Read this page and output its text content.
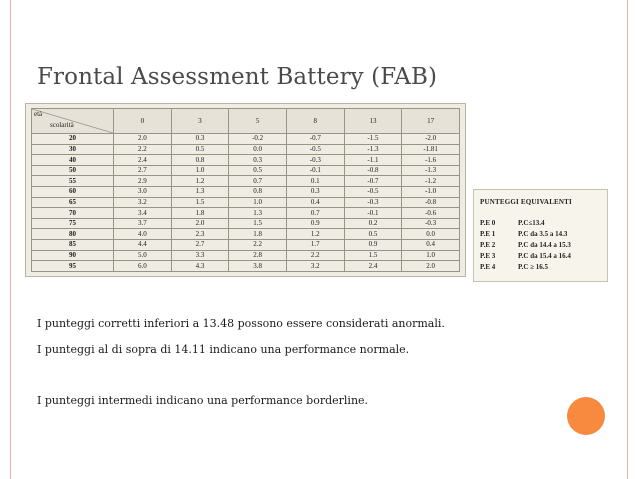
Frontal Assessment Battery (FAB)
età
scolarità	0	3	5	8	13	17
20	2.0	0.3	-0.2	-0.7	-1.5	-2.0
30	2.2	0.5	0.0	-0.5	-1.3	-1.81
40	2.4	0.8	0.3	-0.3	-1.1	-1.6
50	2.7	1.0	0.5	-0.1	-0.8	-1.3
55	2.9	1.2	0.7	0.1	-0.7	-1.2
60	3.0	1.3	0.8	0.3	-0.5	-1.0
65	3.2	1.5	1.0	0.4	-0.3	-0.8
70	3.4	1.8	1.3	0.7	-0.1	-0.6
75	3.7	2.0	1.5	0.9	0.2	-0.3
80	4.0	2.3	1.8	1.2	0.5	0.0
85	4.4	2.7	2.2	1.7	0.9	0.4
90	5.0	3.3	2.8	2.2	1.5	1.0
95	6.0	4.3	3.8	3.2	2.4	2.0
PUNTEGGI EQUIVALENTI
P.E 0	P.C≤13.4
P.E 1	P.C da 3.5 a 14.3
P.E 2	P.C da 14.4 a 15.3
P.E 3	P.C da 15.4 a 16.4
P.E 4	P.C ≥ 16.5
I punteggi corretti inferiori a 13.48 possono essere considerati anormali.
I punteggi al di sopra di 14.11 indicano una performance normale.
I punteggi intermedi indicano una performance borderline.
